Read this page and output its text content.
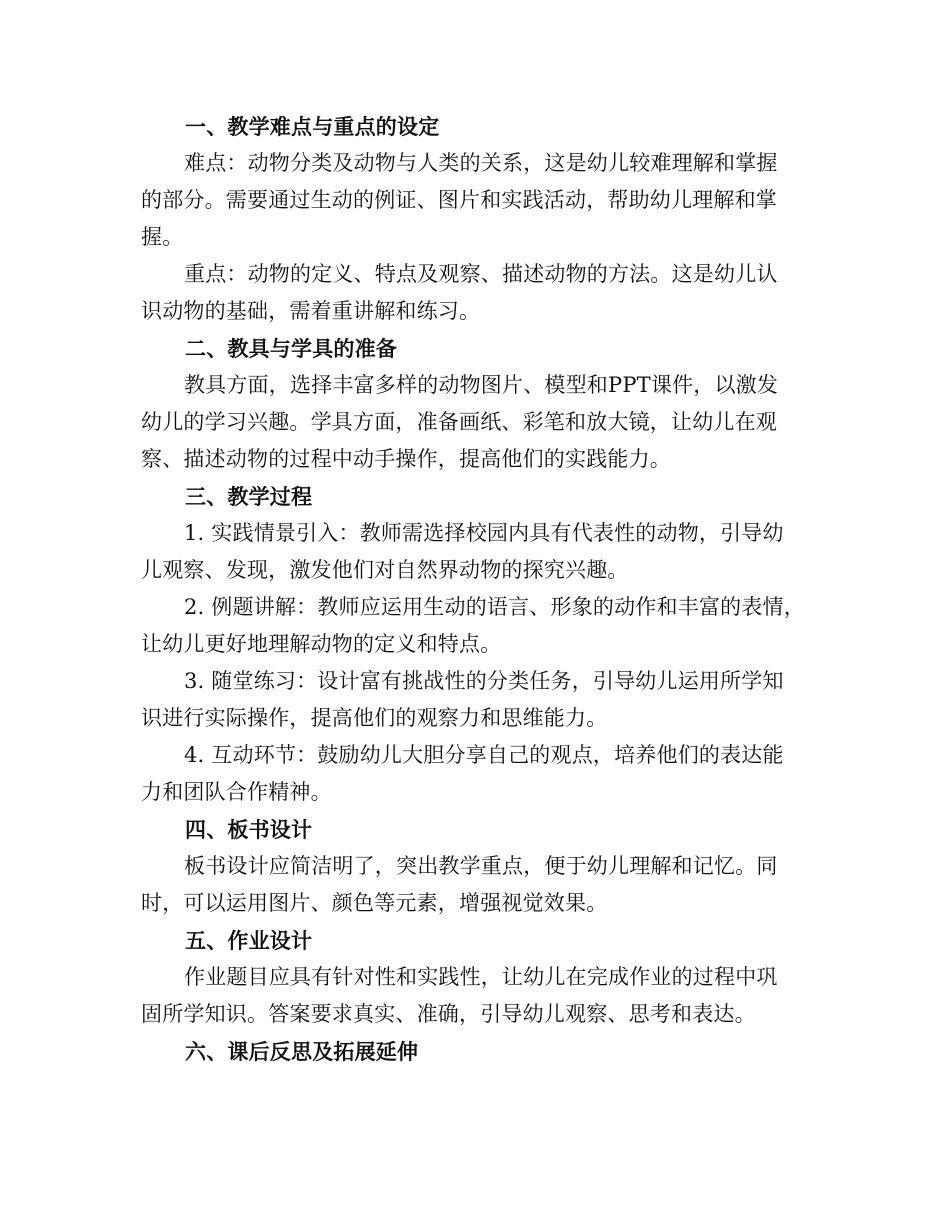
一、教学难点与重点的设定
难点：动物分类及动物与人类的关系，这是幼儿较难理解和掌握
的部分。需要通过生动的例证、图片和实践活动，帮助幼儿理解和掌
握。
重点：动物的定义、特点及观察、描述动物的方法。这是幼儿认
识动物的基础，需着重讲解和练习。
二、教具与学具的准备
教具方面，选择丰富多样的动物图片、模型和PPT课件，以激发
幼儿的学习兴趣。学具方面，准备画纸、彩笔和放大镜，让幼儿在观
察、描述动物的过程中动手操作，提高他们的实践能力。
三、教学过程
1. 实践情景引入：教师需选择校园内具有代表性的动物，引导幼
儿观察、发现，激发他们对自然界动物的探究兴趣。
2. 例题讲解：教师应运用生动的语言、形象的动作和丰富的表情，
让幼儿更好地理解动物的定义和特点。
3. 随堂练习：设计富有挑战性的分类任务，引导幼儿运用所学知
识进行实际操作，提高他们的观察力和思维能力。
4. 互动环节：鼓励幼儿大胆分享自己的观点，培养他们的表达能
力和团队合作精神。
四、板书设计
板书设计应简洁明了，突出教学重点，便于幼儿理解和记忆。同
时，可以运用图片、颜色等元素，增强视觉效果。
五、作业设计
作业题目应具有针对性和实践性，让幼儿在完成作业的过程中巩
固所学知识。答案要求真实、准确，引导幼儿观察、思考和表达。
六、课后反思及拓展延伸
